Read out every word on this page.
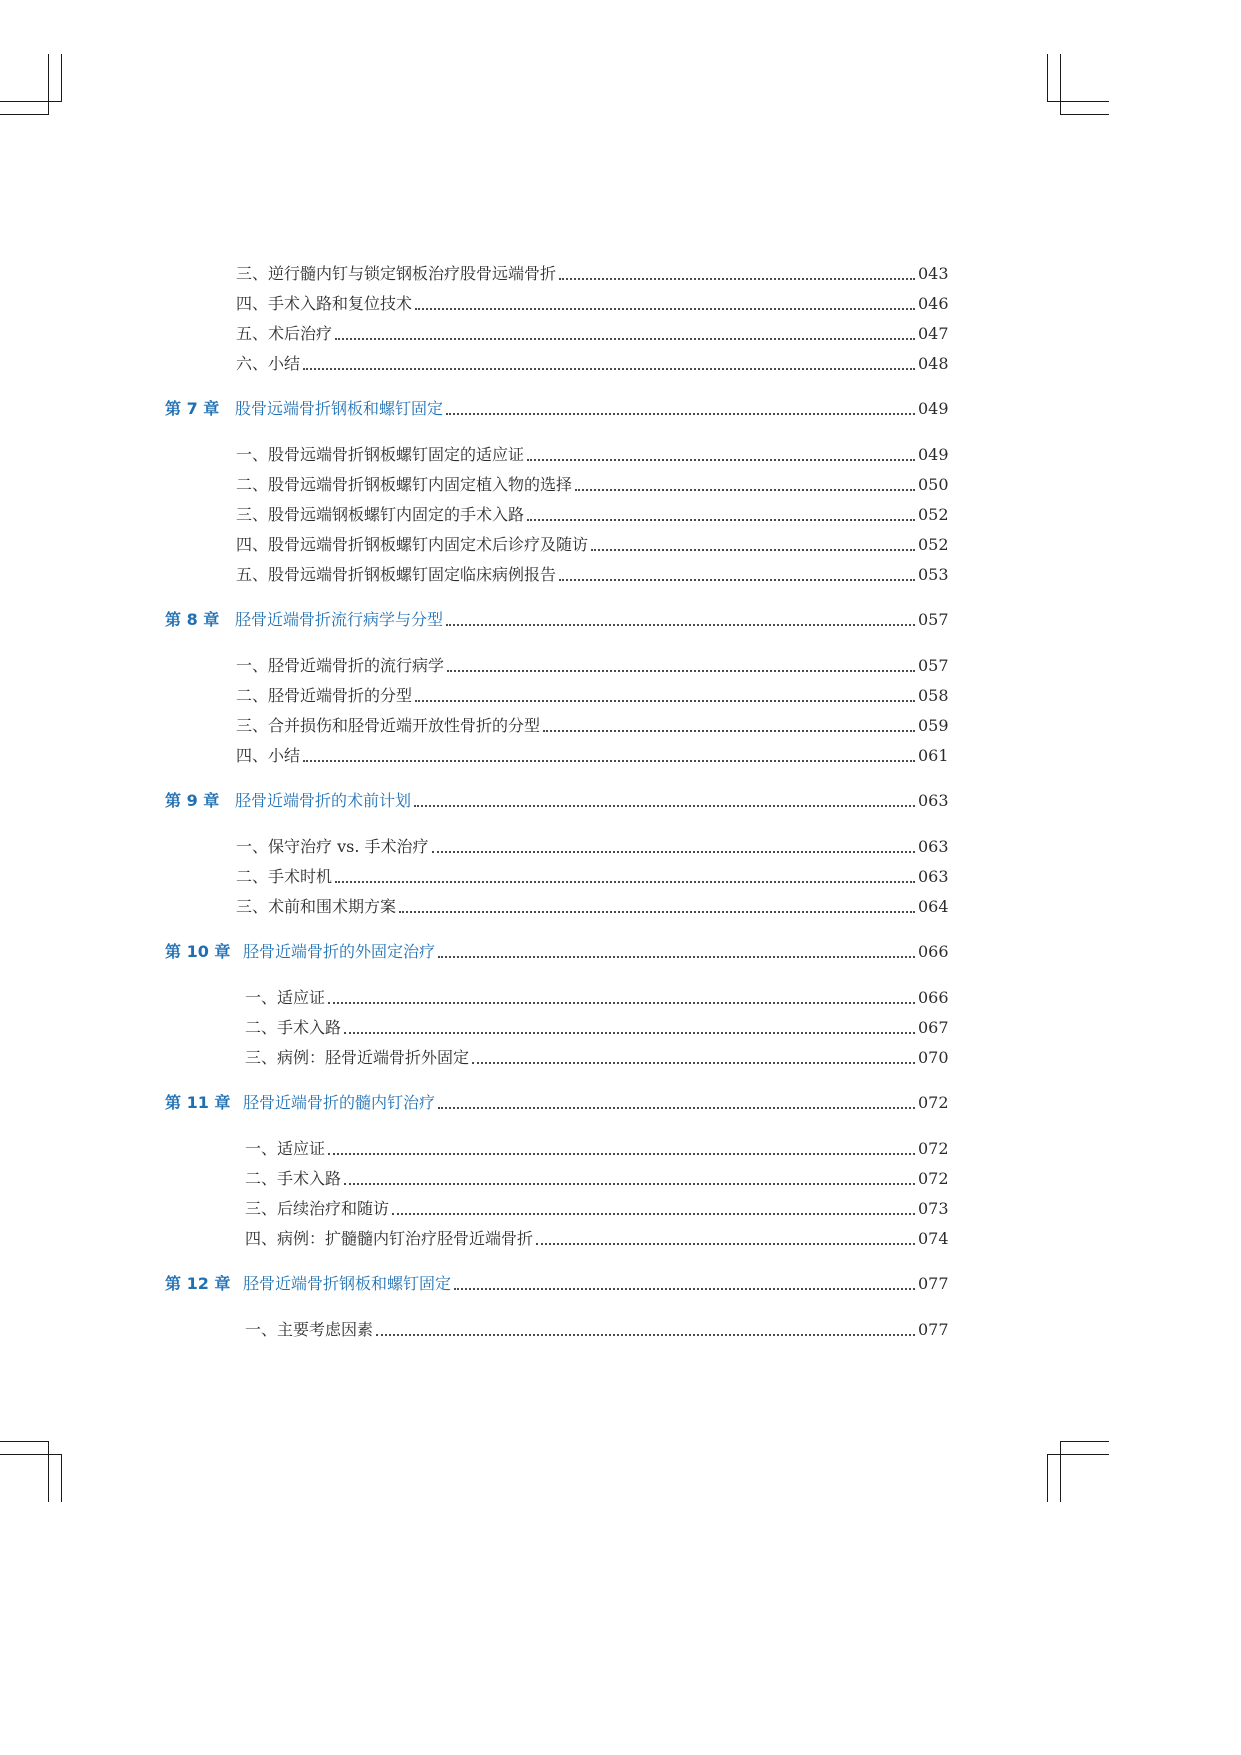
三、逆行髓内钉与锁定钢板治疗股骨远端骨折	043
四、手术入路和复位技术	046
五、术后治疗	047
六、小结	048
第 7 章 股骨远端骨折钢板和螺钉固定	049
一、股骨远端骨折钢板螺钉固定的适应证	049
二、股骨远端骨折钢板螺钉内固定植入物的选择	050
三、股骨远端钢板螺钉内固定的手术入路	052
四、股骨远端骨折钢板螺钉内固定术后诊疗及随访	052
五、股骨远端骨折钢板螺钉固定临床病例报告	053
第 8 章 胫骨近端骨折流行病学与分型	057
一、胫骨近端骨折的流行病学	057
二、胫骨近端骨折的分型	058
三、合并损伤和胫骨近端开放性骨折的分型	059
四、小结	061
第 9 章 胫骨近端骨折的术前计划	063
一、保守治疗 vs. 手术治疗	063
二、手术时机	063
三、术前和围术期方案	064
第 10 章 胫骨近端骨折的外固定治疗	066
一、适应证	066
二、手术入路	067
三、病例：胫骨近端骨折外固定	070
第 11 章 胫骨近端骨折的髓内钉治疗	072
一、适应证	072
二、手术入路	072
三、后续治疗和随访	073
四、病例：扩髓髓内钉治疗胫骨近端骨折	074
第 12 章 胫骨近端骨折钢板和螺钉固定	077
一、主要考虑因素	077
